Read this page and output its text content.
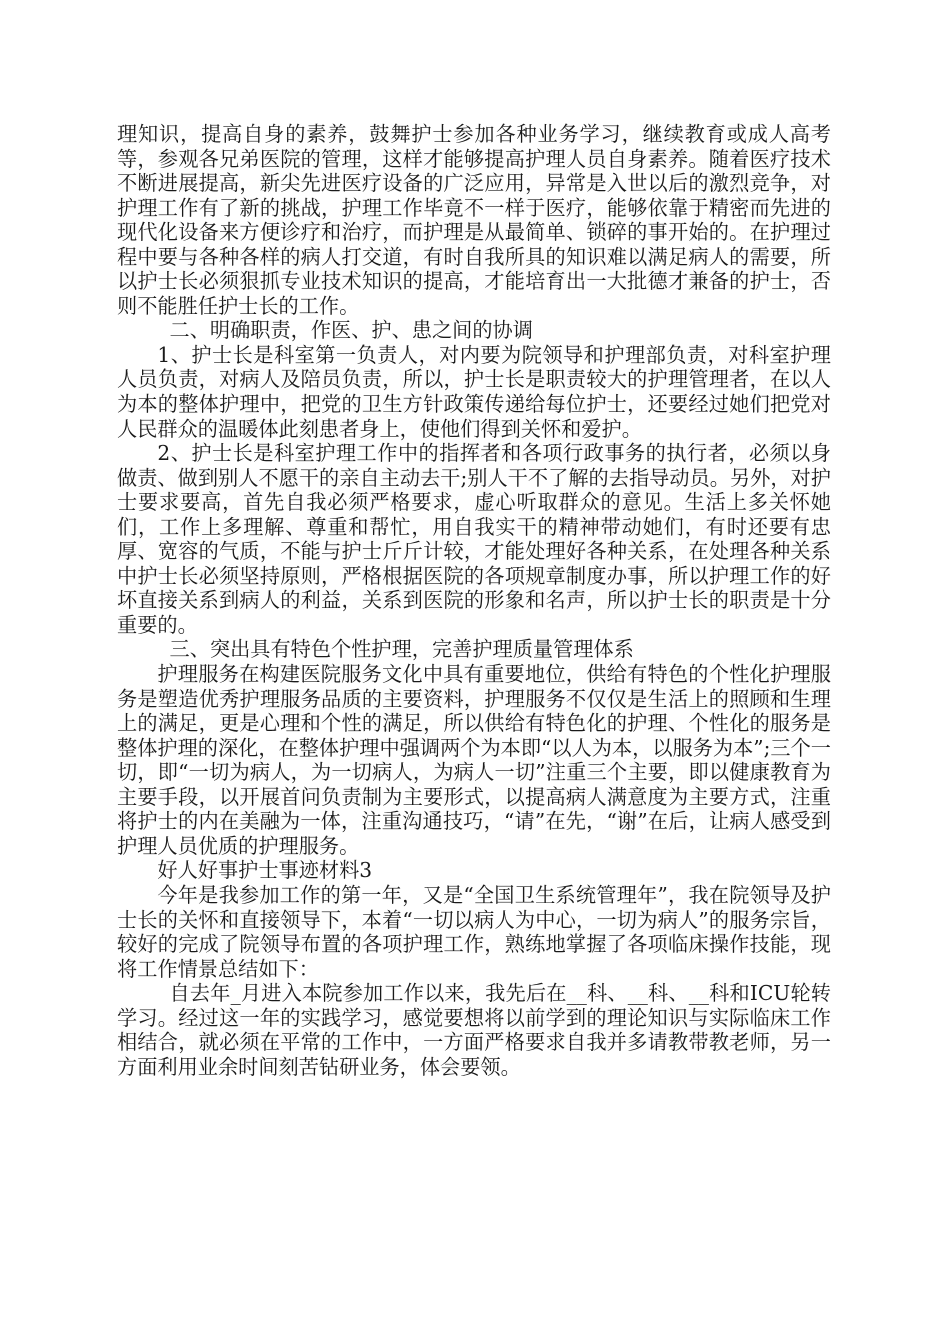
理知识，提高自身的素养，鼓舞护士参加各种业务学习，继续教育或成人高考等，参观各兄弟医院的管理，这样才能够提高护理人员自身素养。随着医疗技术不断进展提高，新尖先进医疗设备的广泛应用，异常是入世以后的激烈竞争，对护理工作有了新的挑战，护理工作毕竟不一样于医疗，能够依靠于精密而先进的现代化设备来方便诊疗和治疗，而护理是从最简单、锁碎的事开始的。在护理过程中要与各种各样的病人打交道，有时自我所具的知识难以满足病人的需要，所以护士长必须狠抓专业技术知识的提高，才能培育出一大批德才兼备的护士，否则不能胜任护士长的工作。

二、明确职责，作医、护、患之间的协调

1、护士长是科室第一负责人，对内要为院领导和护理部负责，对科室护理人员负责，对病人及陪员负责，所以，护士长是职责较大的护理管理者，在以人为本的整体护理中，把党的卫生方针政策传递给每位护士，还要经过她们把党对人民群众的温暖体此刻患者身上，使他们得到关怀和爱护。

2、护士长是科室护理工作中的指挥者和各项行政事务的执行者，必须以身做责、做到别人不愿干的亲自主动去干;别人干不了解的去指导动员。另外，对护士要求要高，首先自我必须严格要求，虚心听取群众的意见。生活上多关怀她们，工作上多理解、尊重和帮忙，用自我实干的精神带动她们，有时还要有忠厚、宽容的气质，不能与护士斤斤计较，才能处理好各种关系，在处理各种关系中护士长必须坚持原则，严格根据医院的各项规章制度办事，所以护理工作的好坏直接关系到病人的利益，关系到医院的形象和名声，所以护士长的职责是十分重要的。

三、突出具有特色个性护理，完善护理质量管理体系

护理服务在构建医院服务文化中具有重要地位，供给有特色的个性化护理服务是塑造优秀护理服务品质的主要资料，护理服务不仅仅是生活上的照顾和生理上的满足，更是心理和个性的满足，所以供给有特色化的护理、个性化的服务是整体护理的深化，在整体护理中强调两个为本即“以人为本，以服务为本”;三个一切，即“一切为病人，为一切病人，为病人一切”注重三个主要，即以健康教育为主要手段，以开展首问负责制为主要形式，以提高病人满意度为主要方式，注重将护士的内在美融为一体，注重沟通技巧，“请”在先，“谢”在后，让病人感受到护理人员优质的护理服务。

好人好事护士事迹材料3

今年是我参加工作的第一年，又是“全国卫生系统管理年”，我在院领导及护士长的关怀和直接领导下，本着“一切以病人为中心，一切为病人”的服务宗旨，较好的完成了院领导布置的各项护理工作，熟练地掌握了各项临床操作技能，现将工作情景总结如下：

自去年_月进入本院参加工作以来，我先后在__科、__科、__科和ICU轮转学习。经过这一年的实践学习，感觉要想将以前学到的理论知识与实际临床工作相结合，就必须在平常的工作中，一方面严格要求自我并多请教带教老师，另一方面利用业余时间刻苦钻研业务，体会要领。
